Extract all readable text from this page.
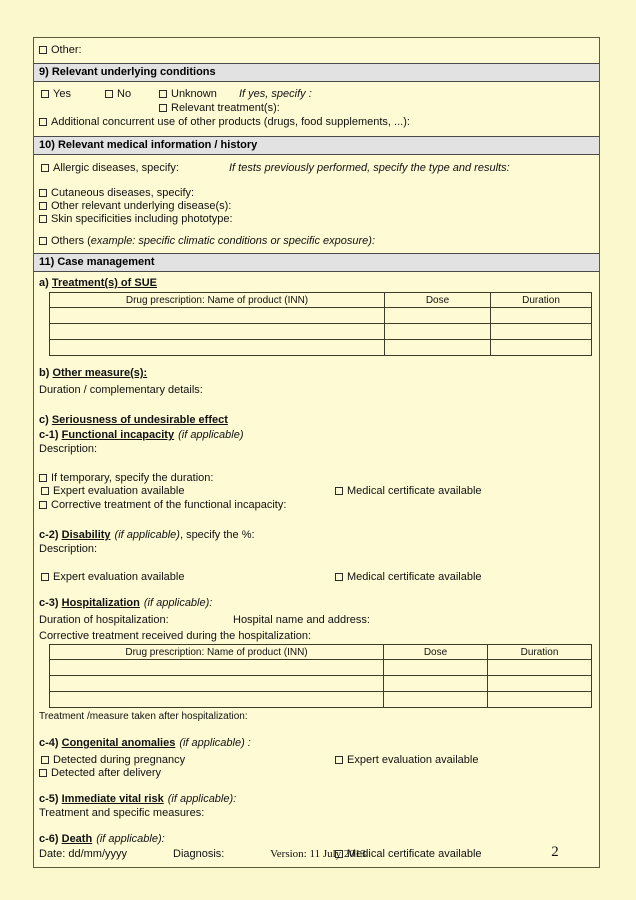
Other:
9) Relevant underlying conditions
Yes	No	Unknown If yes, specify :
Relevant treatment(s):
Additional concurrent use of other products (drugs, food supplements, ...):
10) Relevant medical information / history
Allergic diseases, specify:	If tests previously performed, specify the type and results:
Cutaneous diseases, specify:
Other relevant underlying disease(s):
Skin specificities including phototype:
Others (example: specific climatic conditions or specific exposure):
11) Case management
a) Treatment(s) of SUE
Drug prescription: Name of product (INN)	Dose	Duration

b) Other measure(s):
Duration / complementary details:
c) Seriousness of undesirable effect
c-1) Functional incapacity (if applicable)
Description:
If temporary, specify the duration:
Expert evaluation available	Medical certificate available
Corrective treatment of the functional incapacity:
c-2) Disability (if applicable), specify the %:
Description:
Expert evaluation available	Medical certificate available
c-3) Hospitalization (if applicable):
Duration of hospitalization:	Hospital name and address:
Corrective treatment received during the hospitalization:
Drug prescription: Name of product (INN)	Dose	Duration

Treatment /measure taken after hospitalization:
c-4) Congenital anomalies (if applicable) :
Detected during pregnancy	Expert evaluation available
Detected after delivery
c-5) Immediate vital risk (if applicable):
Treatment and specific measures:
c-6) Death (if applicable):
Date: dd/mm/yyyy	Diagnosis:	Medical certificate available
Version: 11 July 2013	2
